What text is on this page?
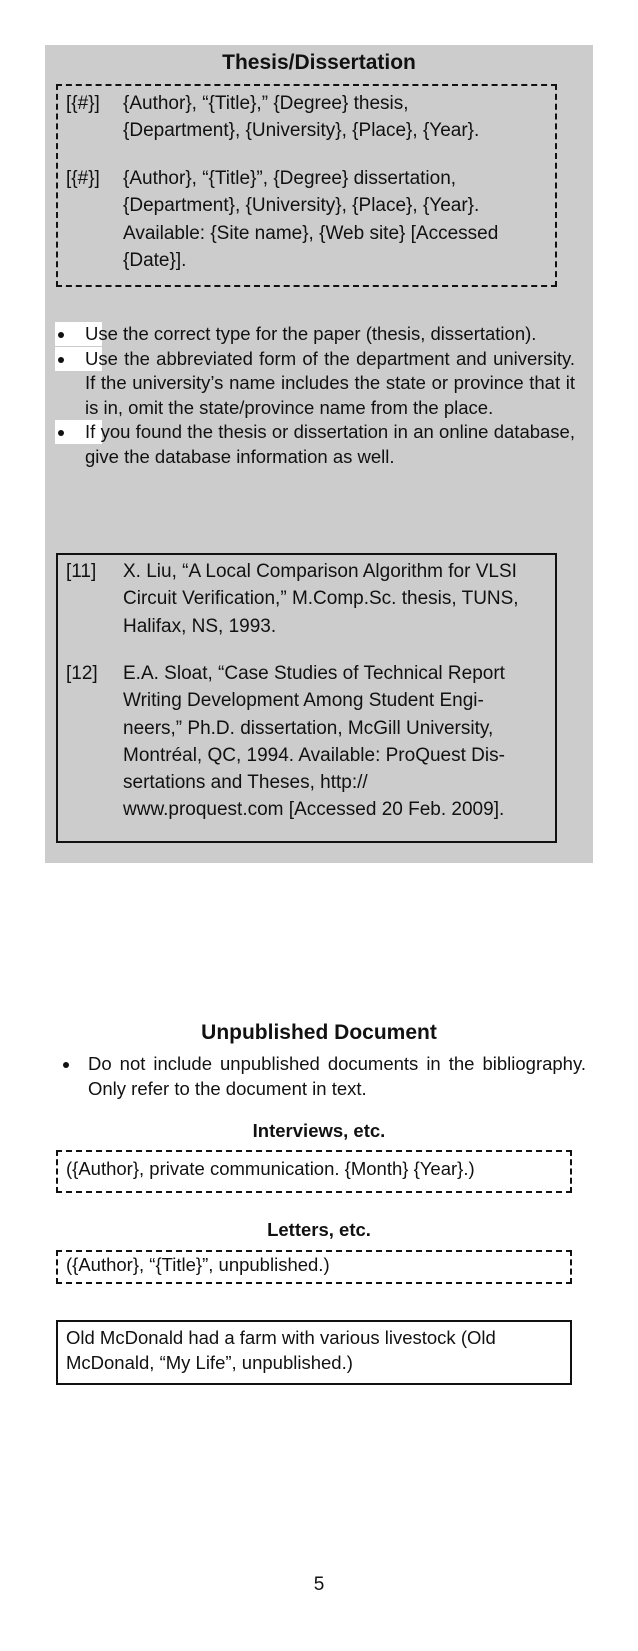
Thesis/Dissertation
[{#}] {Author}, “{Title},” {Degree} thesis,
{Department}, {University}, {Place}, {Year}.
[{#}] {Author}, “{Title}”, {Degree} dissertation,
{Department}, {University}, {Place}, {Year}.
Available: {Site name}, {Web site} [Accessed
{Date}].
Use the correct type for the paper (thesis, dissertation).
Use the abbreviated form of the department and university. If the university’s name includes the state or province that it is in, omit the state/province name from the place.
If you found the thesis or dissertation in an online database, give the database information as well.
[11] X. Liu, “A Local Comparison Algorithm for VLSI
Circuit Verification,” M.Comp.Sc. thesis, TUNS,
Halifax, NS, 1993.
[12] E.A. Sloat, “Case Studies of Technical Report
Writing Development Among Student Engi-
neers,” Ph.D. dissertation, McGill University,
Montréal, QC, 1994. Available: ProQuest Dis-
sertations and Theses, http://
www.proquest.com [Accessed 20 Feb. 2009].
Unpublished Document
Do not include unpublished documents in the bibliography. Only refer to the document in text.
Interviews, etc.
({Author}, private communication. {Month} {Year}.)
Letters, etc.
({Author}, “{Title}”, unpublished.)
Old McDonald had a farm with various livestock (Old
McDonald, “My Life”, unpublished.)
5
